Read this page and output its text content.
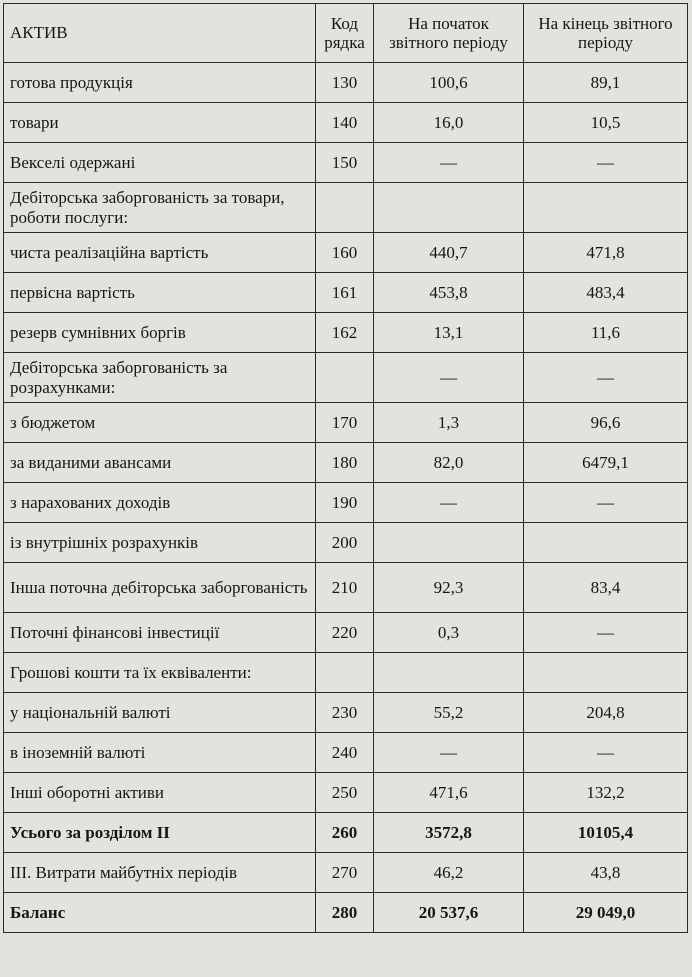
АКТИВ	Код рядка	На початок звітного періоду	На кінець звітного періоду
готова продукція	130	100,6	89,1
товари	140	16,0	10,5
Векселі одержані	150	—	—
Дебіторська заборгованість за товари, роботи послуги:			
чиста реалізаційна вартість	160	440,7	471,8
первісна вартість	161	453,8	483,4
резерв сумнівних боргів	162	13,1	11,6
Дебіторська заборгованість за розрахунками:		—	—
з бюджетом	170	1,3	96,6
за виданими авансами	180	82,0	6479,1
з нарахованих доходів	190	—	—
із внутрішніх розрахунків	200		
Інша поточна дебіторська заборгованість	210	92,3	83,4
Поточні фінансові інвестиції	220	0,3	—
Грошові кошти та їх еквіваленти:			
у національній валюті	230	55,2	204,8
в іноземній валюті	240	—	—
Інші оборотні активи	250	471,6	132,2
Усього за розділом II	260	3572,8	10105,4
III. Витрати майбутніх періодів	270	46,2	43,8
Баланс	280	20 537,6	29 049,0
